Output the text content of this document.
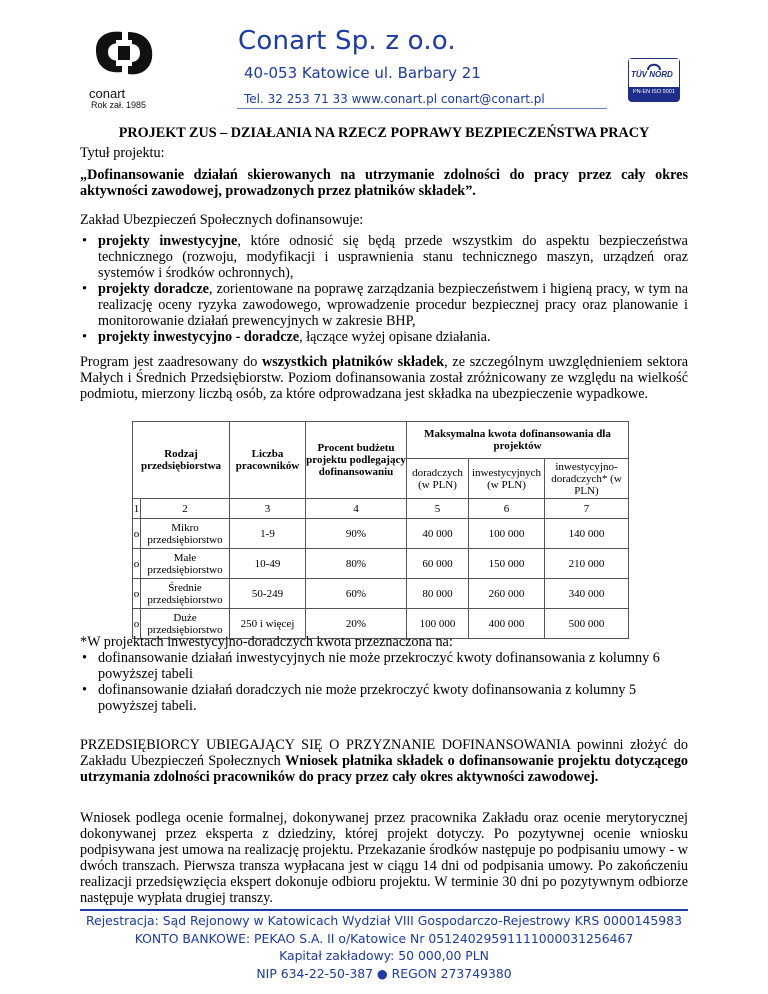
conart
Rok zał. 1985
Conart Sp. z o.o.
40-053 Katowice ul. Barbary 21
Tel. 32 253 71 33 www.conart.pl conart@conart.pl
TÜV NORD
PN-EN ISO 9001
PROJEKT ZUS – DZIAŁANIA NA RZECZ POPRAWY BEZPIECZEŃSTWA PRACY
Tytuł projektu:
„Dofinansowanie działań skierowanych na utrzymanie zdolności do pracy przez cały okres aktywności zawodowej, prowadzonych przez płatników składek”.
Zakład Ubezpieczeń Społecznych dofinansowuje:
• projekty inwestycyjne, które odnosić się będą przede wszystkim do aspektu bezpieczeństwa technicznego (rozwoju, modyfikacji i usprawnienia stanu technicznego maszyn, urządzeń oraz systemów i środków ochronnych),
• projekty doradcze, zorientowane na poprawę zarządzania bezpieczeństwem i higieną pracy, w tym na realizację oceny ryzyka zawodowego, wprowadzenie procedur bezpiecznej pracy oraz planowanie i monitorowanie działań prewencyjnych w zakresie BHP,
• projekty inwestycyjno - doradcze, łączące wyżej opisane działania.
Program jest zaadresowany do wszystkich płatników składek, ze szczególnym uwzględnieniem sektora Małych i Średnich Przedsiębiorstw. Poziom dofinansowania został zróżnicowany ze względu na wielkość podmiotu, mierzony liczbą osób, za które odprowadzana jest składka na ubezpieczenie wypadkowe.
Rodzaj przedsiębiorstwa		Liczba pracowników	Procent budżetu projektu podlegający dofinansowaniu	Maksymalna kwota dofinansowania dla projektów		
				doradczych (w PLN)	inwestycyjnych (w PLN)	inwestycyjno-doradczych* (w PLN)
1	2	3	4	5	6	7
o	Mikro przedsiębiorstwo	1-9	90%	40 000	100 000	140 000
o	Małe przedsiębiorstwo	10-49	80%	60 000	150 000	210 000
o	Średnie przedsiębiorstwo	50-249	60%	80 000	260 000	340 000
o	Duże przedsiębiorstwo	250 i więcej	20%	100 000	400 000	500 000
*W projektach inwestycyjno-doradczych kwota przeznaczona na:
• dofinansowanie działań inwestycyjnych nie może przekroczyć kwoty dofinansowania z kolumny 6 powyższej tabeli
• dofinansowanie działań doradczych nie może przekroczyć kwoty dofinansowania z kolumny 5 powyższej tabeli.
PRZEDSIĘBIORCY UBIEGAJĄCY SIĘ O PRZYZNANIE DOFINANSOWANIA powinni złożyć do Zakładu Ubezpieczeń Społecznych Wniosek płatnika składek o dofinansowanie projektu dotyczącego utrzymania zdolności pracowników do pracy przez cały okres aktywności zawodowej.
Wniosek podlega ocenie formalnej, dokonywanej przez pracownika Zakładu oraz ocenie merytorycznej dokonywanej przez eksperta z dziedziny, której projekt dotyczy. Po pozytywnej ocenie wniosku podpisywana jest umowa na realizację projektu. Przekazanie środków następuje po podpisaniu umowy - w dwóch transzach. Pierwsza transza wypłacana jest w ciągu 14 dni od podpisania umowy. Po zakończeniu realizacji przedsięwzięcia ekspert dokonuje odbioru projektu. W terminie 30 dni po pozytywnym odbiorze następuje wypłata drugiej transzy.
Rejestracja: Sąd Rejonowy w Katowicach Wydział VIII Gospodarczo-Rejestrowy KRS 0000145983
KONTO BANKOWE: PEKAO S.A. II o/Katowice Nr 05124029591111000031256467
Kapitał zakładowy: 50 000,00 PLN
NIP 634-22-50-387 ● REGON 273749380
